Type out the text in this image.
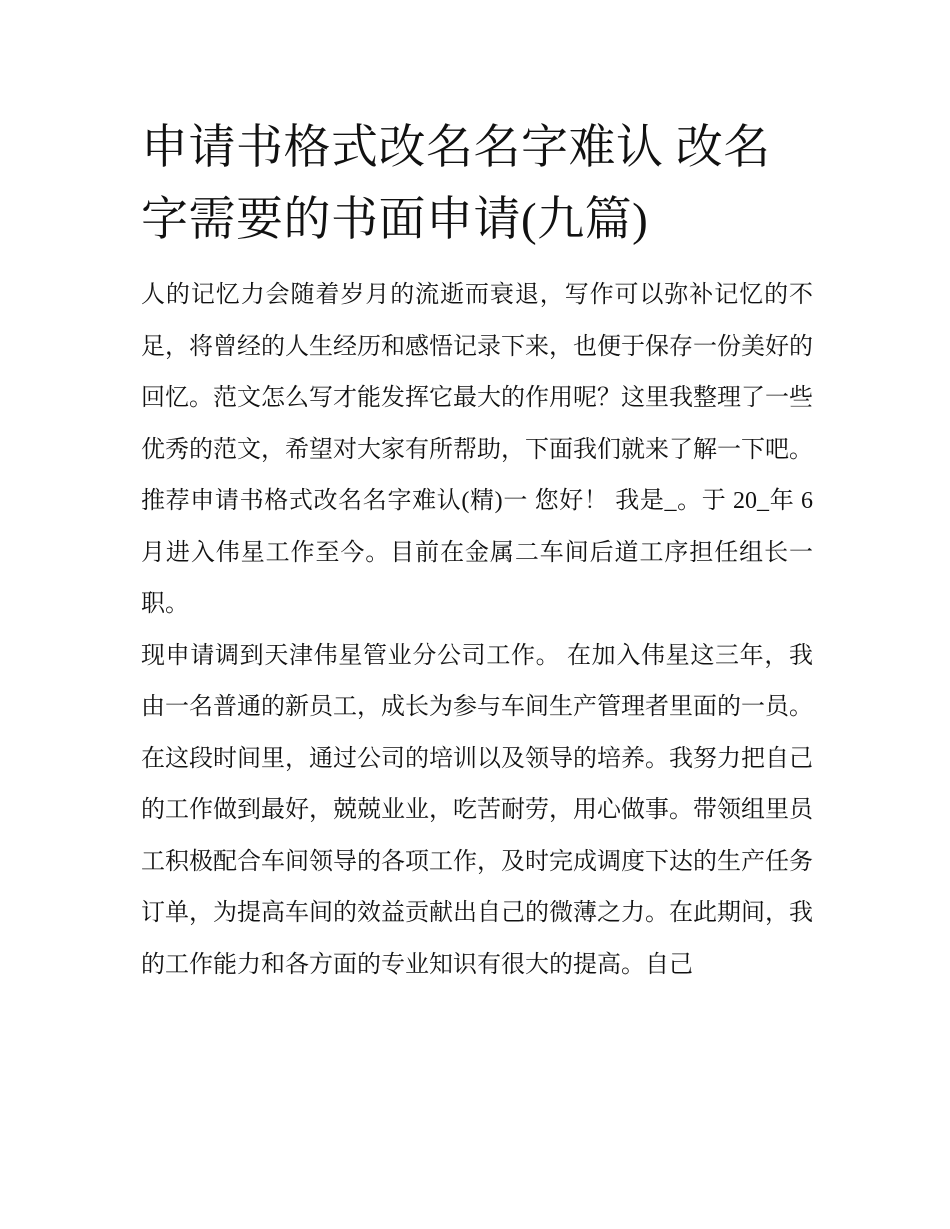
申请书格式改名名字难认 改名字需要的书面申请(九篇)

人的记忆力会随着岁月的流逝而衰退，写作可以弥补记忆的不足，将曾经的人生经历和感悟记录下来，也便于保存一份美好的回忆。范文怎么写才能发挥它最大的作用呢？这里我整理了一些优秀的范文，希望对大家有所帮助，下面我们就来了解一下吧。

推荐申请书格式改名名字难认(精)一 您好！ 我是_。于 20_年 6 月进入伟星工作至今。目前在金属二车间后道工序担任组长一职。

现申请调到天津伟星管业分公司工作。 在加入伟星这三年，我由一名普通的新员工，成长为参与车间生产管理者里面的一员。

在这段时间里，通过公司的培训以及领导的培养。我努力把自己的工作做到最好，兢兢业业，吃苦耐劳，用心做事。带领组里员工积极配合车间领导的各项工作，及时完成调度下达的生产任务订单，为提高车间的效益贡献出自己的微薄之力。在此期间，我的工作能力和各方面的专业知识有很大的提高。自己
